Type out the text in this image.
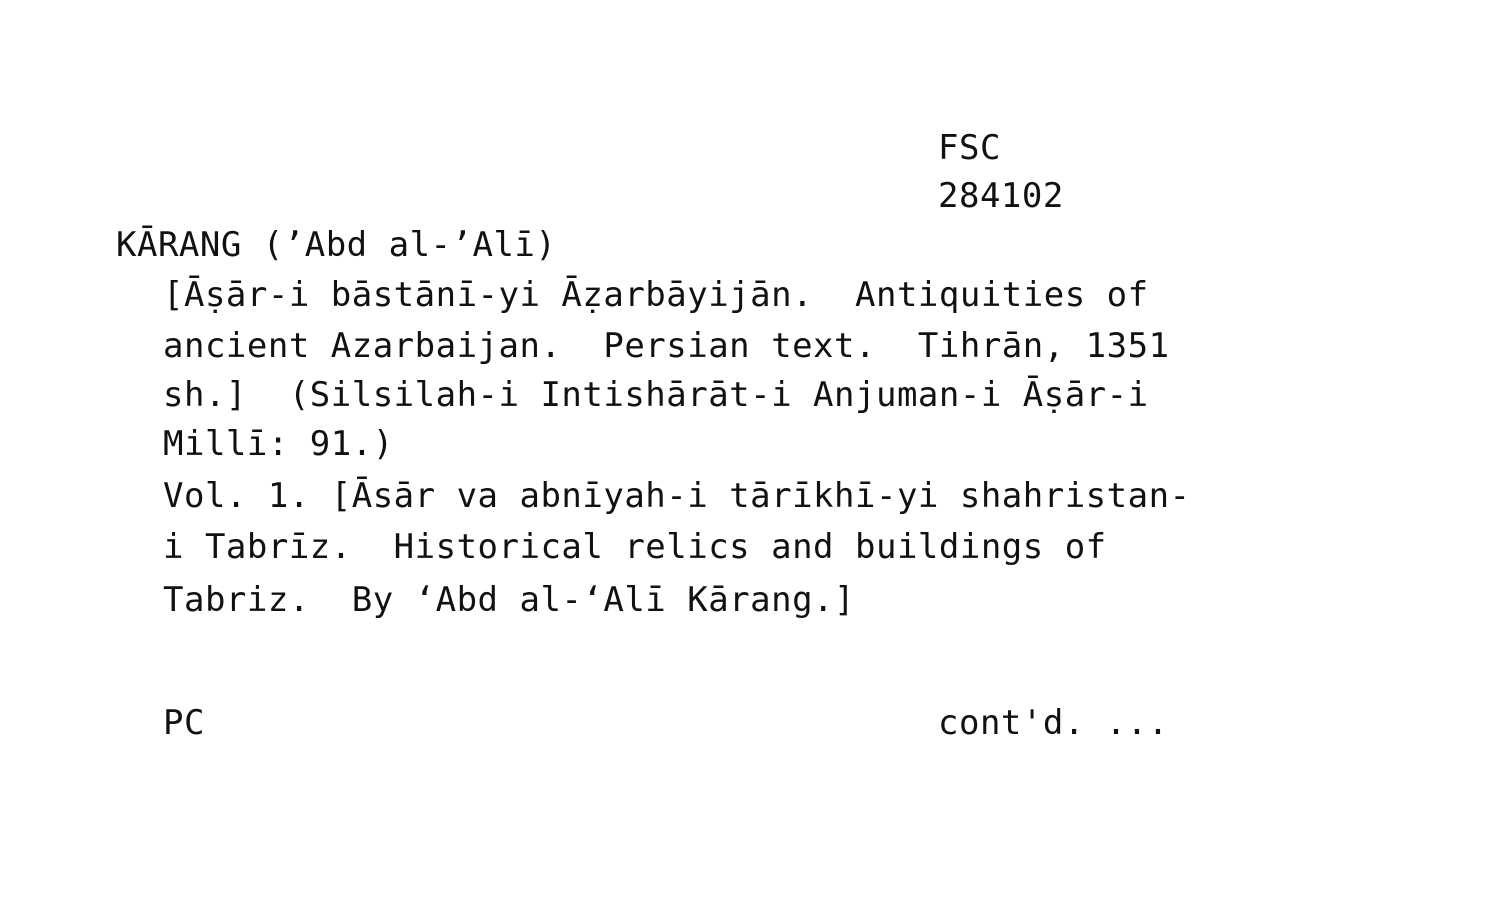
FSC
284102
KĀRANG (ʼAbd al-ʼAlī)
[Āṣār-i bāstānī-yi Āẓarbāyijān.  Antiquities of
ancient Azarbaijan.  Persian text.  Tihrān, 1351
sh.]  (Silsilah-i Intishārāt-i Anjuman-i Āṣār-i
Millī: 91.)
Vol. 1. [Āsār va abnīyah-i tārīkhī-yi shahristan-
i Tabrīz.  Historical relics and buildings of
Tabriz.  By ʻAbd al-ʻAlī Kārang.]
PC	cont'd. ...
